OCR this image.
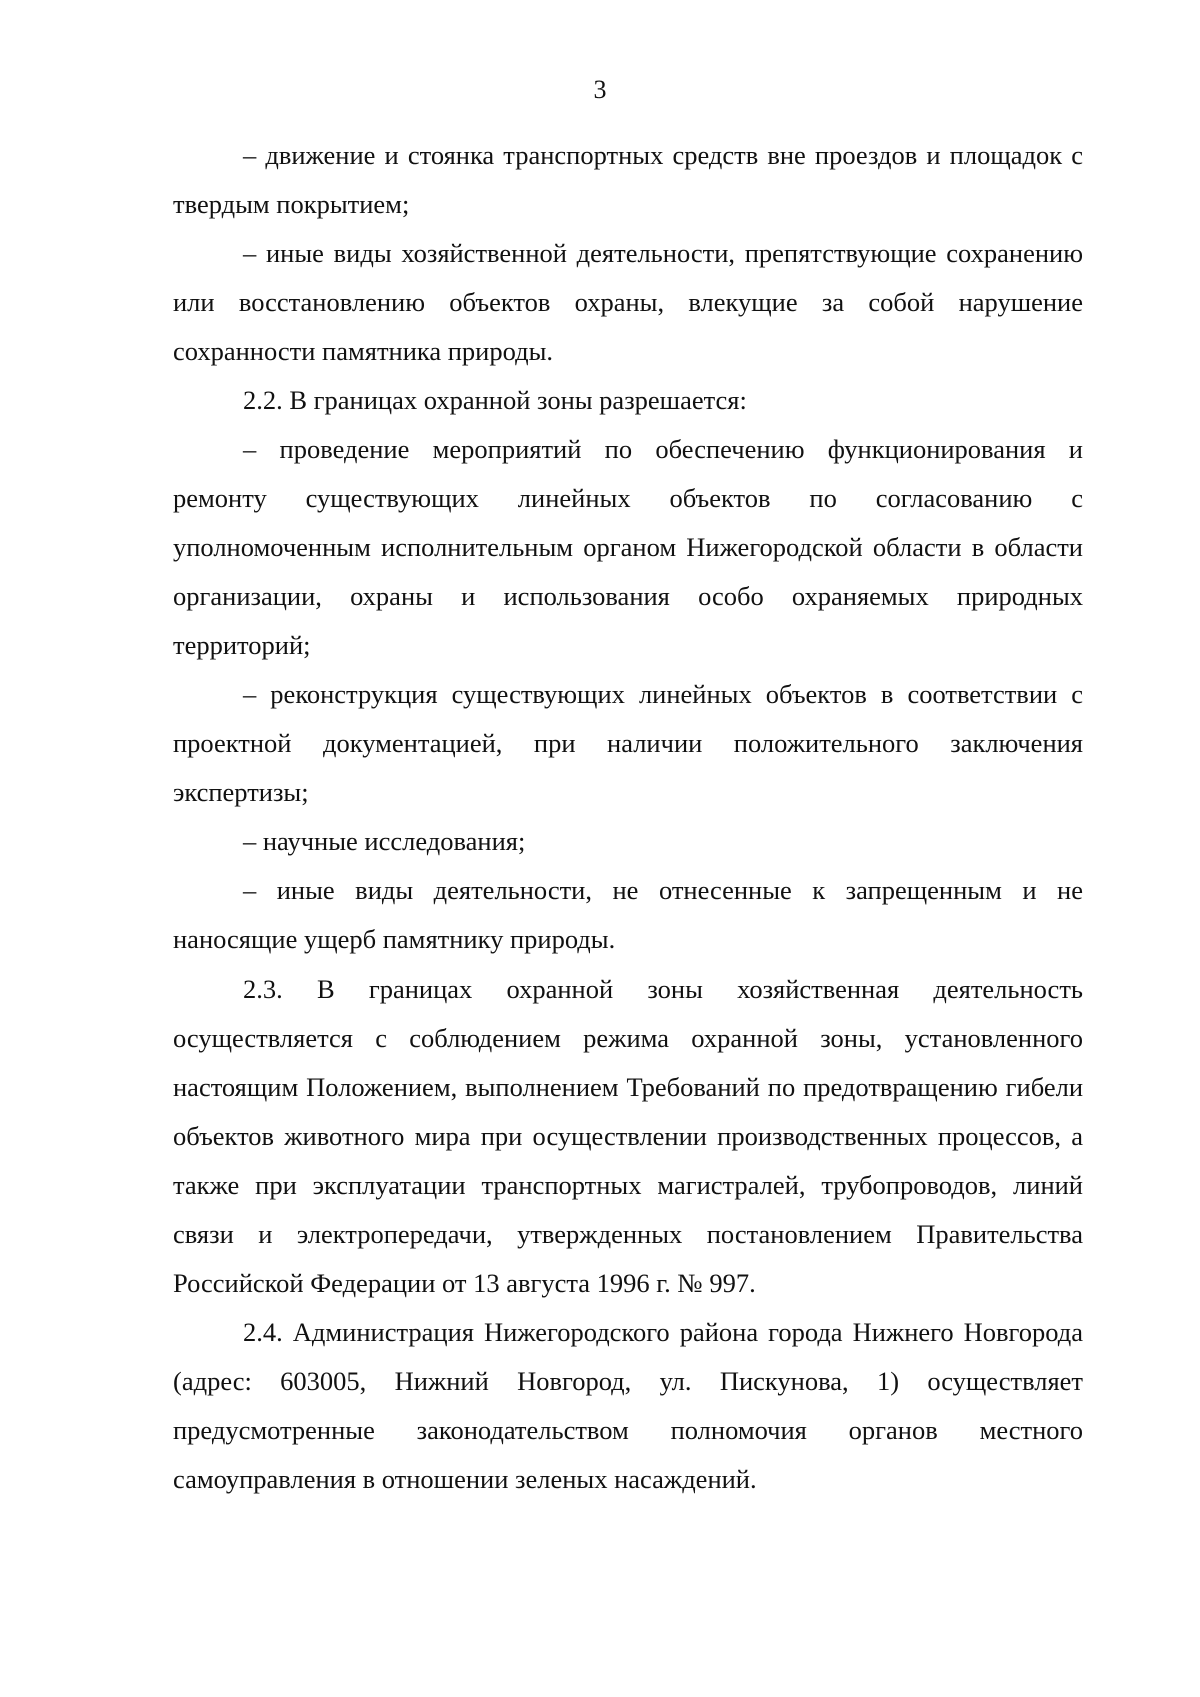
3

– движение и стоянка транспортных средств вне проездов и площадок с твердым покрытием;

– иные виды хозяйственной деятельности, препятствующие сохранению или восстановлению объектов охраны, влекущие за собой нарушение сохранности памятника природы.

2.2. В границах охранной зоны разрешается:

– проведение мероприятий по обеспечению функционирования и ремонту существующих линейных объектов по согласованию с уполномоченным исполнительным органом Нижегородской области в области организации, охраны и использования особо охраняемых природных территорий;

– реконструкция существующих линейных объектов в соответствии с проектной документацией, при наличии положительного заключения экспертизы;

– научные исследования;

– иные виды деятельности, не отнесенные к запрещенным и не наносящие ущерб памятнику природы.

2.3. В границах охранной зоны хозяйственная деятельность осуществляется с соблюдением режима охранной зоны, установленного настоящим Положением, выполнением Требований по предотвращению гибели объектов животного мира при осуществлении производственных процессов, а также при эксплуатации транспортных магистралей, трубопроводов, линий связи и электропередачи, утвержденных постановлением Правительства Российской Федерации от 13 августа 1996 г. № 997.

2.4. Администрация Нижегородского района города Нижнего Новгорода (адрес: 603005, Нижний Новгород, ул. Пискунова, 1) осуществляет предусмотренные законодательством полномочия органов местного самоуправления в отношении зеленых насаждений.
